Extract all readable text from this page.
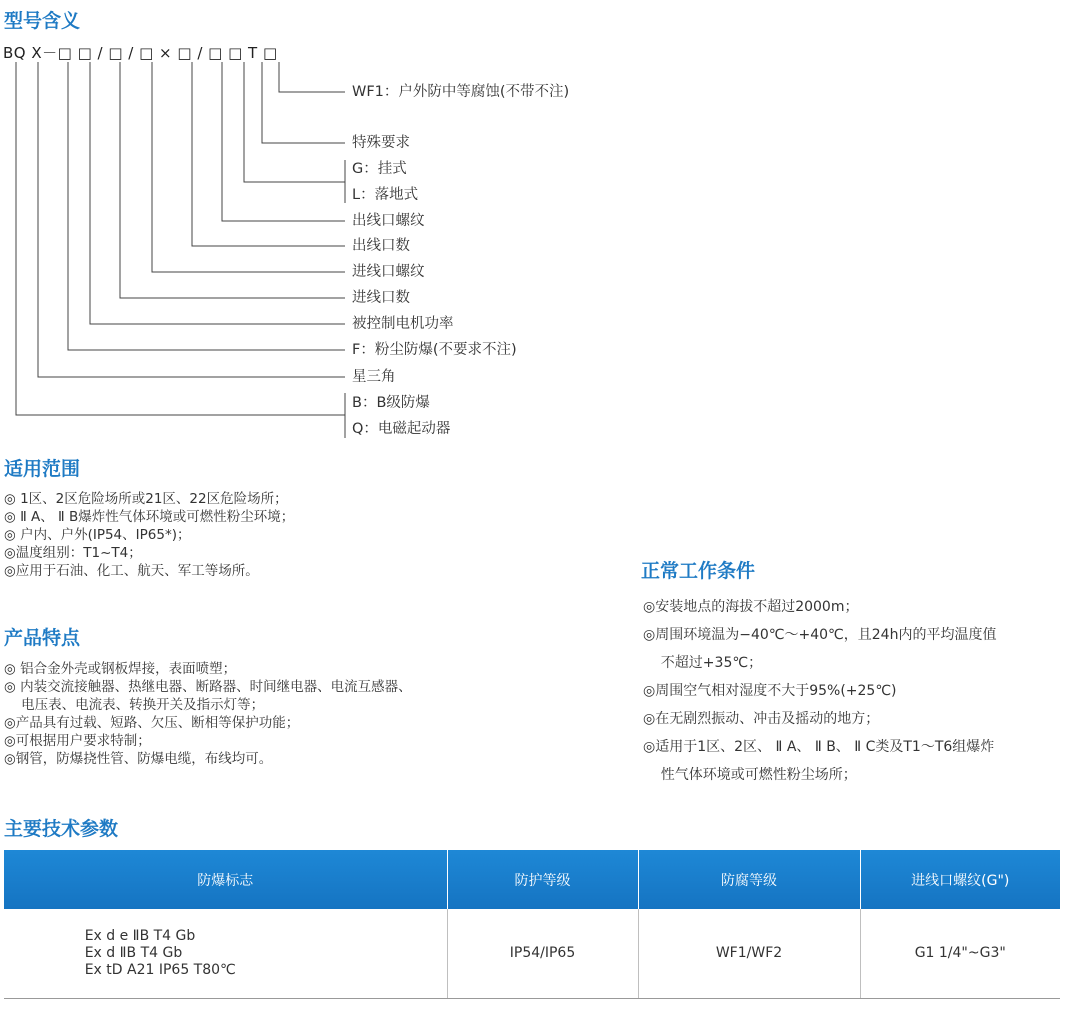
型号含义
BQ X－□ □ / □ / □ × □ / □ □ T □
WF1：户外防中等腐蚀(不带不注)
特殊要求
G：挂式
L：落地式
出线口螺纹
出线口数
进线口螺纹
进线口数
被控制电机功率
F：粉尘防爆(不要求不注)
星三角
B：B级防爆
Q：电磁起动器
适用范围
◎ 1区、2区危险场所或21区、22区危险场所；
◎ Ⅱ A、 Ⅱ B爆炸性气体环境或可燃性粉尘环境；
◎ 户内、户外(IP54、IP65*)；
◎温度组别：T1~T4；
◎应用于石油、化工、航天、军工等场所。
产品特点
◎ 铝合金外壳或钢板焊接，表面喷塑；
◎ 内装交流接触器、热继电器、断路器、时间继电器、电流互感器、
电压表、电流表、转换开关及指示灯等；
◎产品具有过载、短路、欠压、断相等保护功能；
◎可根据用户要求特制；
◎钢管，防爆挠性管、防爆电缆，布线均可。
正常工作条件
◎安装地点的海拔不超过2000m；
◎周围环境温为−40℃～+40℃，且24h内的平均温度值
不超过+35℃；
◎周围空气相对湿度不大于95%(+25℃)
◎在无剧烈振动、冲击及摇动的地方；
◎适用于1区、2区、 Ⅱ A、 Ⅱ B、 Ⅱ C类及T1～T6组爆炸
性气体环境或可燃性粉尘场所；
主要技术参数
防爆标志	防护等级	防腐等级	进线口螺纹(G")

Ex d e ⅡB T4 Gb
Ex d ⅡB T4 Gb
Ex tD A21 IP65 T80℃	IP54/IP65	WF1/WF2	G1 1/4"~G3"
